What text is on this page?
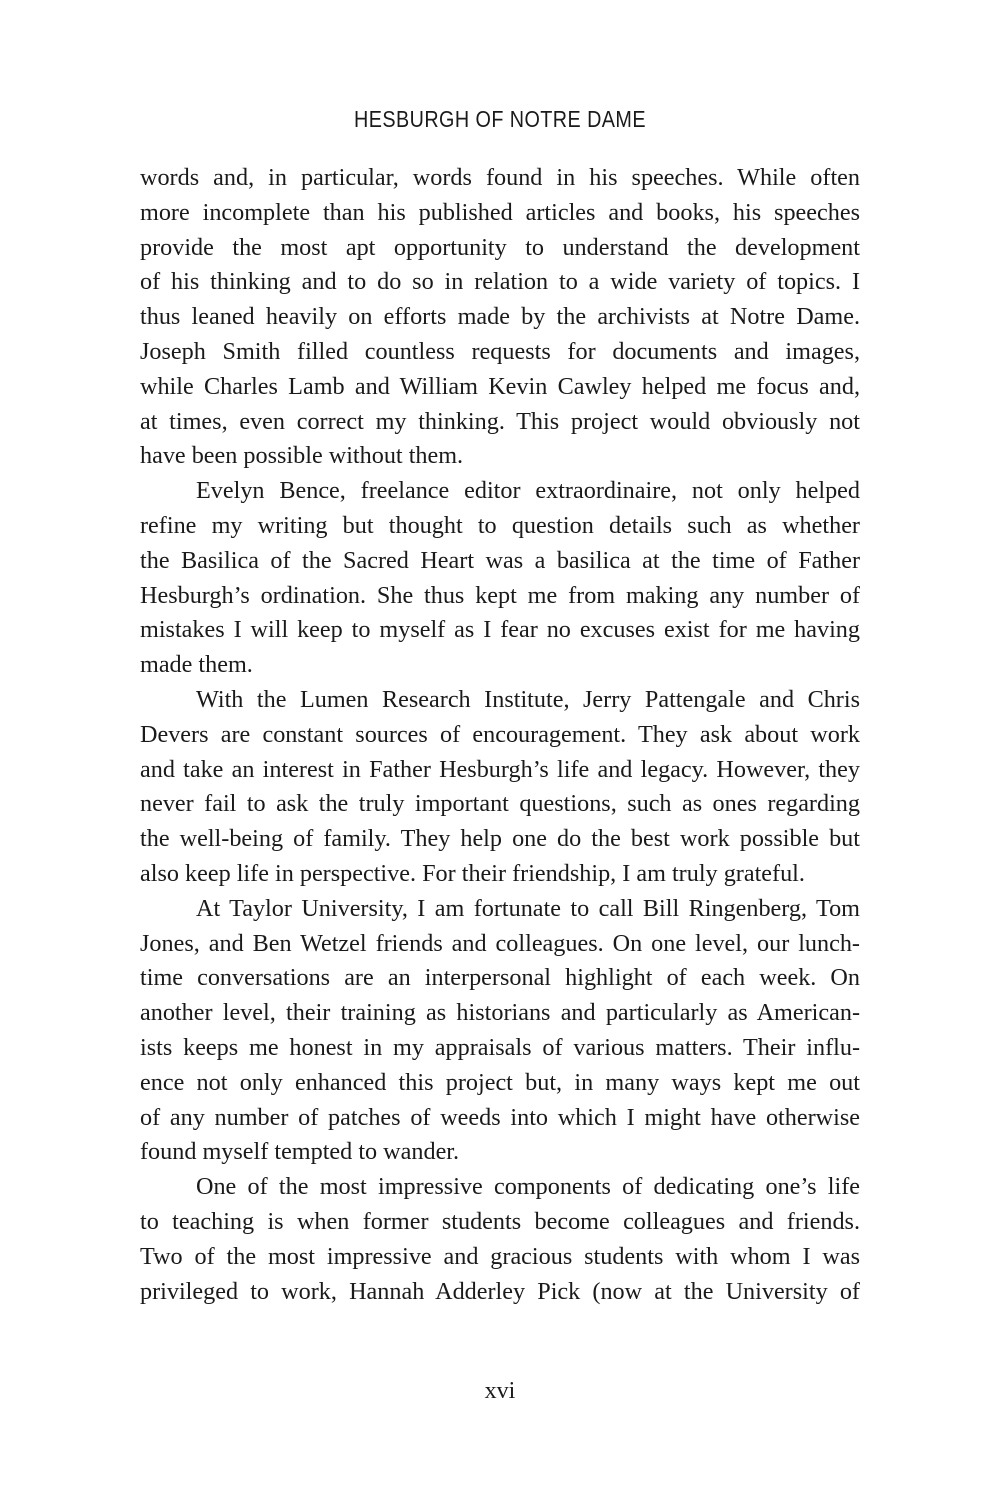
HESBURGH OF NOTRE DAME
words and, in particular, words found in his speeches. While often
more incomplete than his published articles and books, his speeches
provide the most apt opportunity to understand the development
of his thinking and to do so in relation to a wide variety of topics. I
thus leaned heavily on efforts made by the archivists at Notre Dame.
Joseph Smith filled countless requests for documents and images,
while Charles Lamb and William Kevin Cawley helped me focus and,
at times, even correct my thinking. This project would obviously not
have been possible without them.
Evelyn Bence, freelance editor extraordinaire, not only helped
refine my writing but thought to question details such as whether
the Basilica of the Sacred Heart was a basilica at the time of Father
Hesburgh’s ordination. She thus kept me from making any number of
mistakes I will keep to myself as I fear no excuses exist for me having
made them.
With the Lumen Research Institute, Jerry Pattengale and Chris
Devers are constant sources of encouragement. They ask about work
and take an interest in Father Hesburgh’s life and legacy. However, they
never fail to ask the truly important questions, such as ones regarding
the well-being of family. They help one do the best work possible but
also keep life in perspective. For their friendship, I am truly grateful.
At Taylor University, I am fortunate to call Bill Ringenberg, Tom
Jones, and Ben Wetzel friends and colleagues. On one level, our lunch-
time conversations are an interpersonal highlight of each week. On
another level, their training as historians and particularly as American-
ists keeps me honest in my appraisals of various matters. Their influ-
ence not only enhanced this project but, in many ways kept me out
of any number of patches of weeds into which I might have otherwise
found myself tempted to wander.
One of the most impressive components of dedicating one’s life
to teaching is when former students become colleagues and friends.
Two of the most impressive and gracious students with whom I was
privileged to work, Hannah Adderley Pick (now at the University of
xvi
